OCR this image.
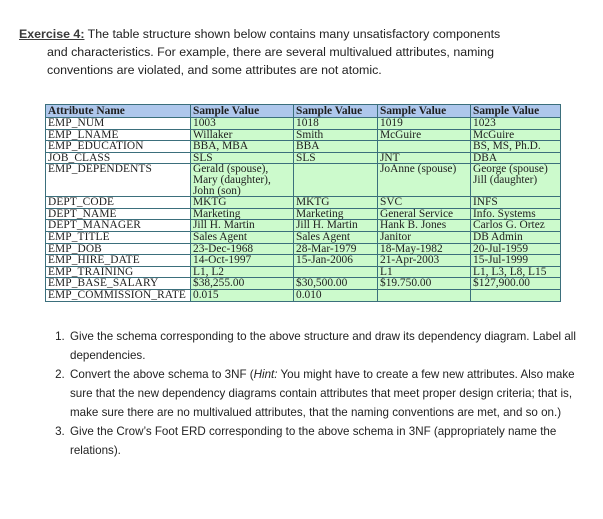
Exercise 4: The table structure shown below contains many unsatisfactory components
and characteristics. For example, there are several multivalued attributes, naming
conventions are violated, and some attributes are not atomic.
Attribute Name	Sample Value	Sample Value	Sample Value	Sample Value
EMP_NUM	1003	1018	1019	1023
EMP_LNAME	Willaker	Smith	McGuire	McGuire
EMP_EDUCATION	BBA, MBA	BBA		BS, MS, Ph.D.
JOB_CLASS	SLS	SLS	JNT	DBA
EMP_DEPENDENTS	Gerald (spouse),
Mary (daughter),
John (son)		JoAnne (spouse)	George (spouse)
Jill (daughter)
DEPT_CODE	MKTG	MKTG	SVC	INFS
DEPT_NAME	Marketing	Marketing	General Service	Info. Systems
DEPT_MANAGER	Jill H. Martin	Jill H. Martin	Hank B. Jones	Carlos G. Ortez
EMP_TITLE	Sales Agent	Sales Agent	Janitor	DB Admin
EMP_DOB	23-Dec-1968	28-Mar-1979	18-May-1982	20-Jul-1959
EMP_HIRE_DATE	14-Oct-1997	15-Jan-2006	21-Apr-2003	15-Jul-1999
EMP_TRAINING	L1, L2		L1	L1, L3, L8, L15
EMP_BASE_SALARY	$38,255.00	$30,500.00	$19.750.00	$127,900.00
EMP_COMMISSION_RATE	0.015	0.010		
1. Give the schema corresponding to the above structure and draw its dependency diagram. Label all dependencies.
2. Convert the above schema to 3NF (Hint: You might have to create a few new attributes. Also make sure that the new dependency diagrams contain attributes that meet proper design criteria; that is, make sure there are no multivalued attributes, that the naming conventions are met, and so on.)
3. Give the Crow’s Foot ERD corresponding to the above schema in 3NF (appropriately name the relations).
